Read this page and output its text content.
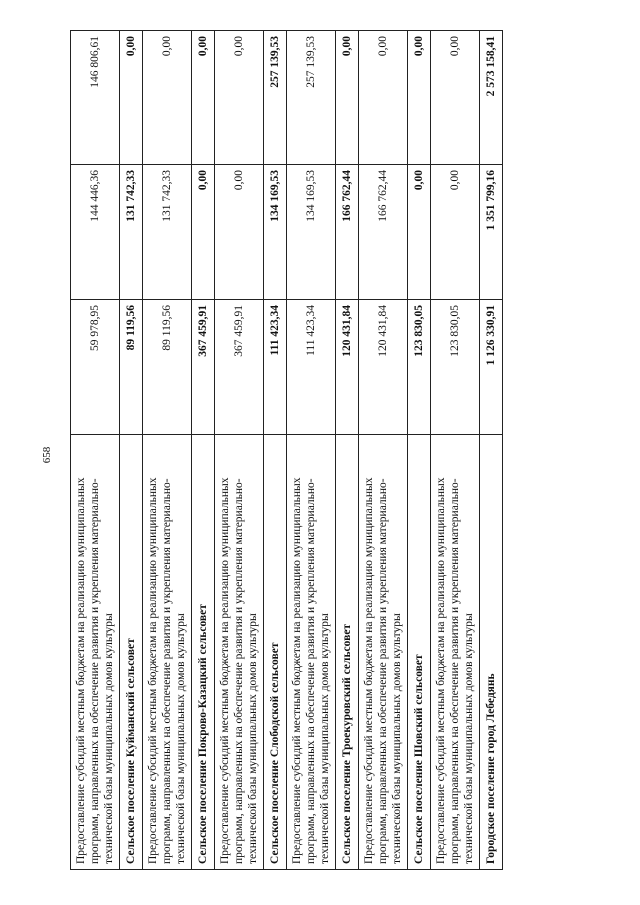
658
Предоставление субсидий местным бюджетам на реализацию муниципальных программ, направленных на обеспечение развития и укрепления материально-технической базы муниципальных домов культуры	59 978,95	144 446,36	146 806,61
Сельское поселение Куйманский сельсовет	89 119,56	131 742,33	0,00
Предоставление субсидий местным бюджетам на реализацию муниципальных программ, направленных на обеспечение развития и укрепления материально-технической базы муниципальных домов культуры	89 119,56	131 742,33	0,00
Сельское поселение Покрово-Казацкий сельсовет	367 459,91	0,00	0,00
Предоставление субсидий местным бюджетам на реализацию муниципальных программ, направленных на обеспечение развития и укрепления материально-технической базы муниципальных домов культуры	367 459,91	0,00	0,00
Сельское поселение Слободской сельсовет	111 423,34	134 169,53	257 139,53
Предоставление субсидий местным бюджетам на реализацию муниципальных программ, направленных на обеспечение развития и укрепления материально-технической базы муниципальных домов культуры	111 423,34	134 169,53	257 139,53
Сельское поселение Троекуровский сельсовет	120 431,84	166 762,44	0,00
Предоставление субсидий местным бюджетам на реализацию муниципальных программ, направленных на обеспечение развития и укрепления материально-технической базы муниципальных домов культуры	120 431,84	166 762,44	0,00
Сельское поселение Шовский сельсовет	123 830,05	0,00	0,00
Предоставление субсидий местным бюджетам на реализацию муниципальных программ, направленных на обеспечение развития и укрепления материально-технической базы муниципальных домов культуры	123 830,05	0,00	0,00
Городское поселение город Лебедянь	1 126 330,91	1 351 799,16	2 573 158,41
